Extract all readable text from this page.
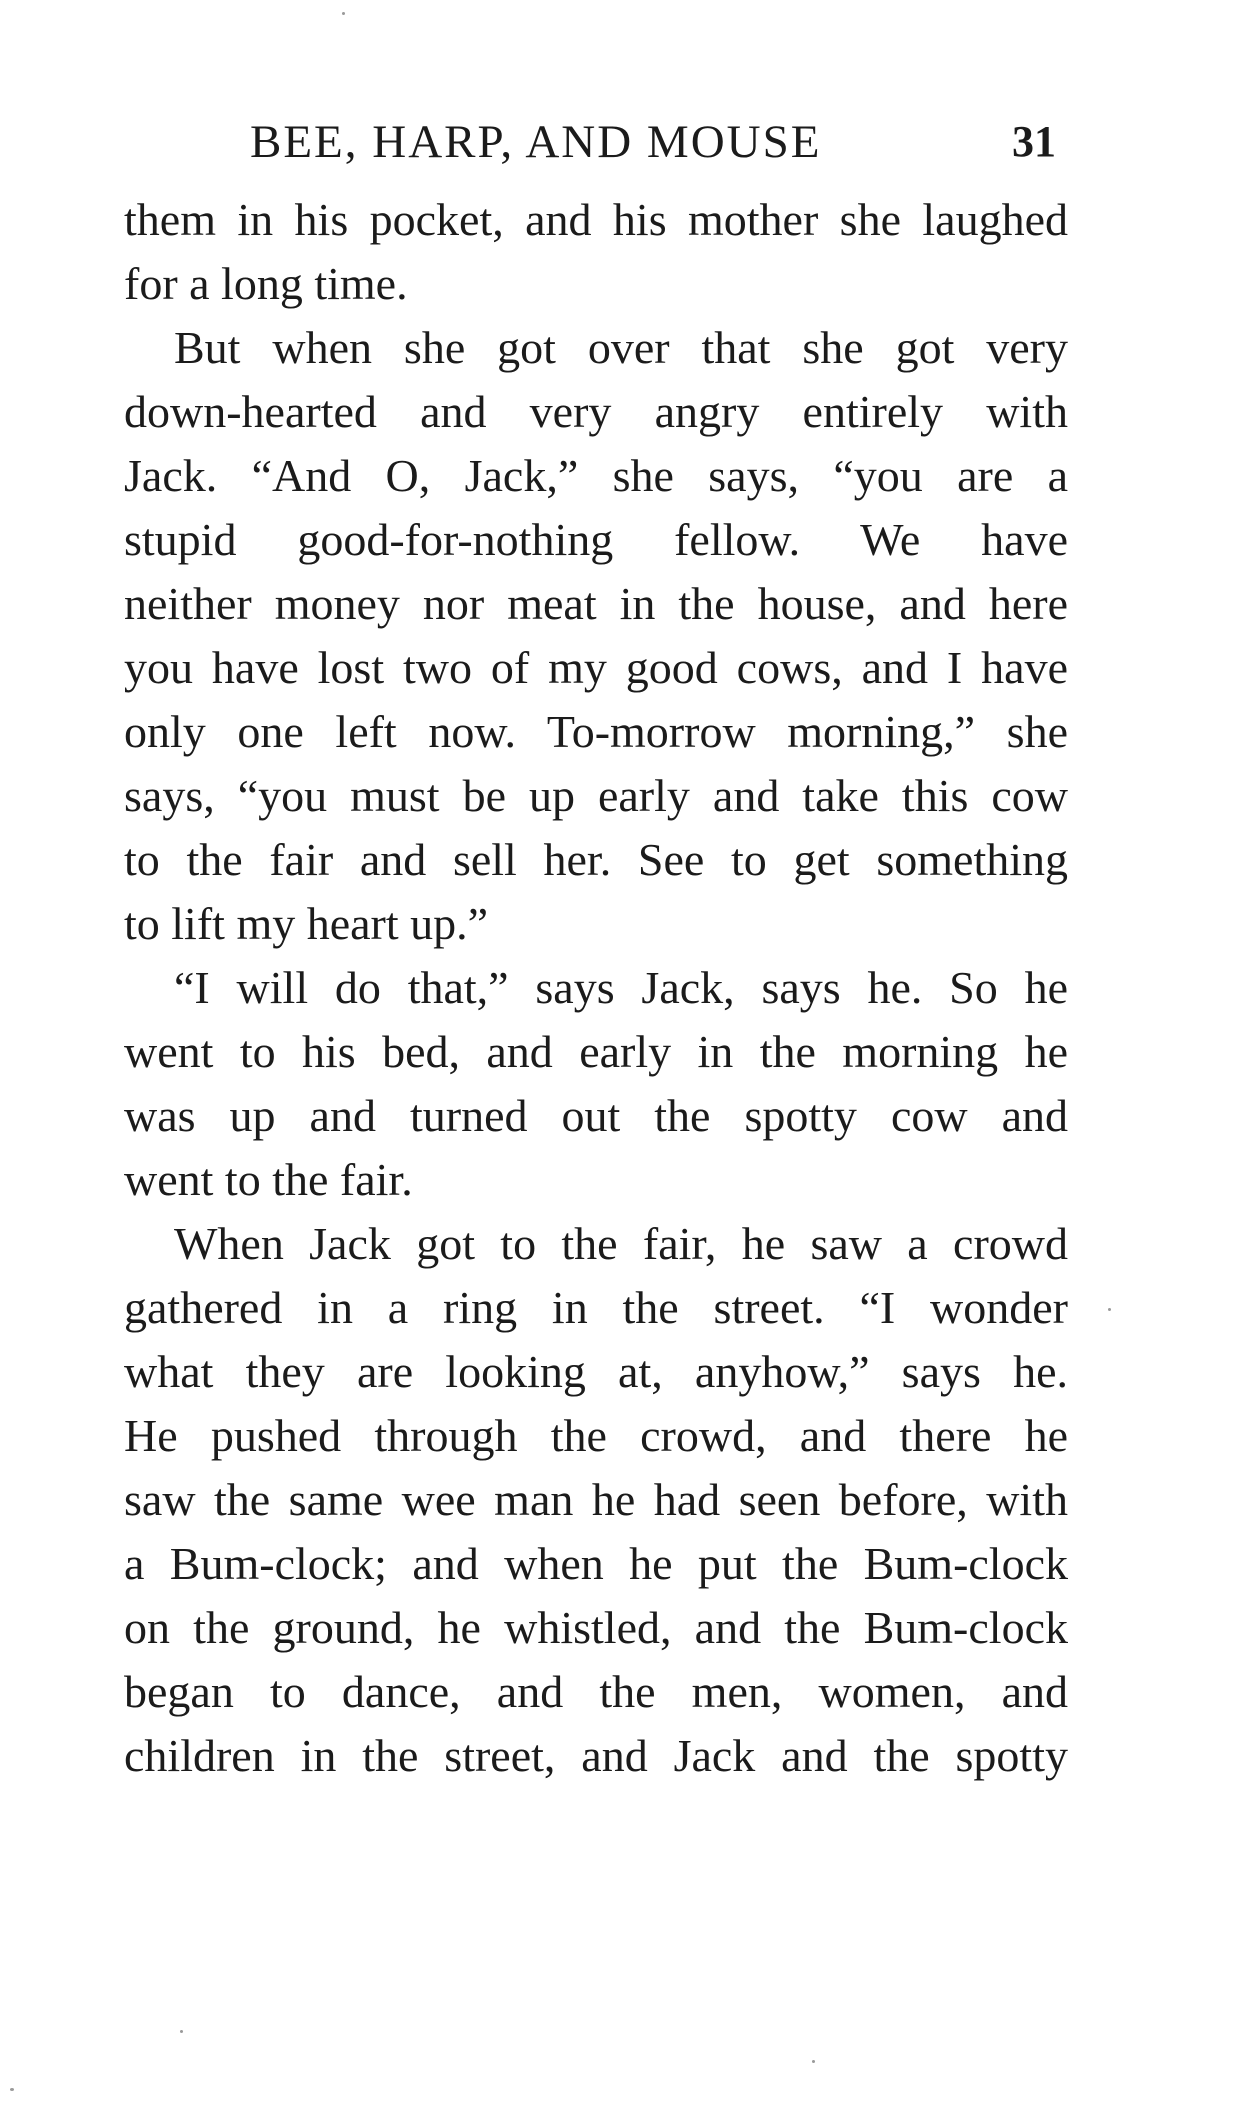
BEE, HARP, AND MOUSE	31
them in his pocket, and his mother she laughed
for a long time.
But when she got over that she got very
down-hearted and very angry entirely with
Jack. “And O, Jack,” she says, “you are a
stupid good-for-nothing fellow. We have
neither money nor meat in the house, and here
you have lost two of my good cows, and I have
only one left now. To-morrow morning,” she
says, “you must be up early and take this cow
to the fair and sell her. See to get something
to lift my heart up.”
“I will do that,” says Jack, says he. So he
went to his bed, and early in the morning he
was up and turned out the spotty cow and
went to the fair.
When Jack got to the fair, he saw a crowd
gathered in a ring in the street. “I wonder
what they are looking at, anyhow,” says he.
He pushed through the crowd, and there he
saw the same wee man he had seen before, with
a Bum-clock; and when he put the Bum-clock
on the ground, he whistled, and the Bum-clock
began to dance, and the men, women, and
children in the street, and Jack and the spotty
